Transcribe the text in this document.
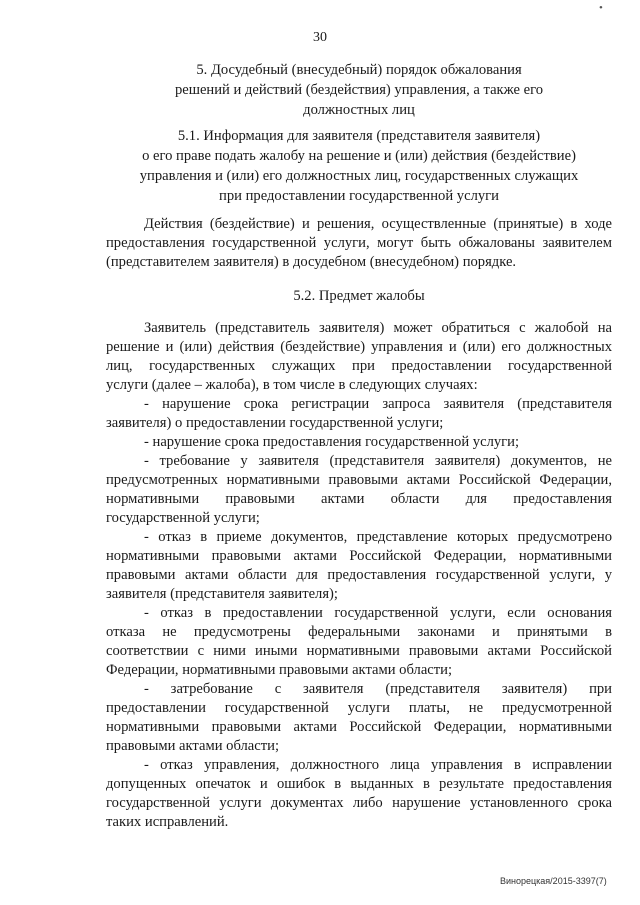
•
30
5. Досудебный (внесудебный) порядок обжалования
решений и действий (бездействия) управления, а также его
должностных лиц
5.1. Информация для заявителя (представителя заявителя)
о его праве подать жалобу на решение и (или) действия (бездействие)
управления и (или) его должностных лиц, государственных служащих
при предоставлении государственной услуги
Действия (бездействие) и решения, осуществленные (принятые) в ходе
предоставления государственной услуги, могут быть обжалованы заявителем
(представителем заявителя) в досудебном (внесудебном) порядке.
5.2. Предмет жалобы
Заявитель (представитель заявителя) может обратиться с жалобой на
решение и (или) действия (бездействие) управления и (или) его должностных
лиц, государственных служащих при предоставлении государственной
услуги (далее – жалоба), в том числе в следующих случаях:
- нарушение срока регистрации запроса заявителя (представителя
заявителя) о предоставлении государственной услуги;
- нарушение срока предоставления государственной услуги;
- требование у заявителя (представителя заявителя) документов, не
предусмотренных нормативными правовыми актами Российской Федерации,
нормативными правовыми актами области для предоставления
государственной услуги;
- отказ в приеме документов, представление которых предусмотрено
нормативными правовыми актами Российской Федерации, нормативными
правовыми актами области для предоставления государственной услуги, у
заявителя (представителя заявителя);
- отказ в предоставлении государственной услуги, если основания
отказа не предусмотрены федеральными законами и принятыми в
соответствии с ними иными нормативными правовыми актами Российской
Федерации, нормативными правовыми актами области;
- затребование с заявителя (представителя заявителя) при
предоставлении государственной услуги платы, не предусмотренной
нормативными правовыми актами Российской Федерации, нормативными
правовыми актами области;
- отказ управления, должностного лица управления в исправлении
допущенных опечаток и ошибок в выданных в результате предоставления
государственной услуги документах либо нарушение установленного срока
таких исправлений.
Винорецкая/2015-3397(7)
